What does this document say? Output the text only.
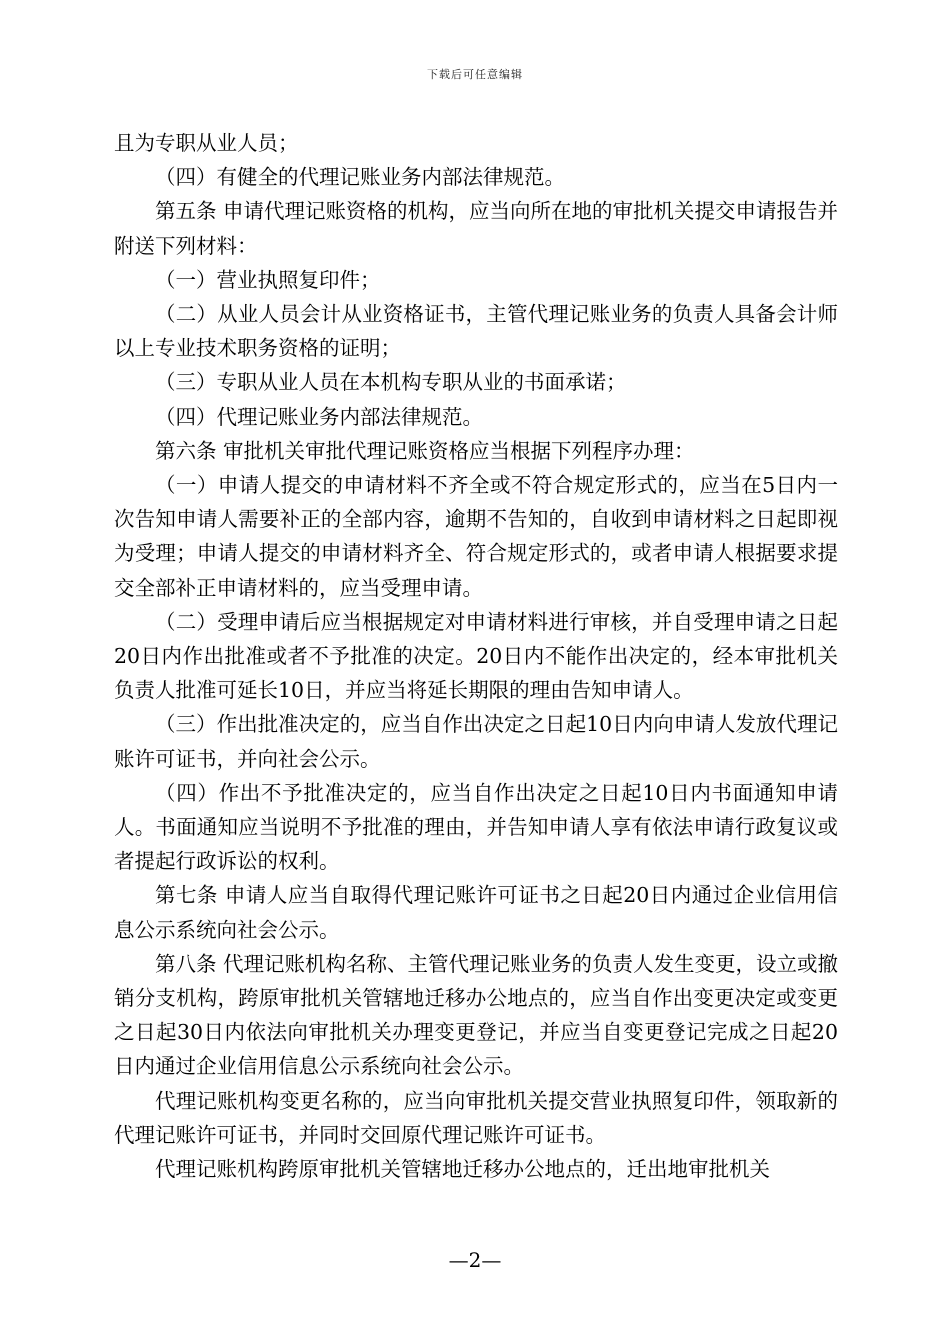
下载后可任意编辑

且为专职从业人员；

（四）有健全的代理记账业务内部法律规范。

第五条 申请代理记账资格的机构，应当向所在地的审批机关提交申请报告并附送下列材料：

（一）营业执照复印件；

（二）从业人员会计从业资格证书，主管代理记账业务的负责人具备会计师以上专业技术职务资格的证明；

（三）专职从业人员在本机构专职从业的书面承诺；

（四）代理记账业务内部法律规范。

第六条 审批机关审批代理记账资格应当根据下列程序办理：

（一）申请人提交的申请材料不齐全或不符合规定形式的，应当在5日内一次告知申请人需要补正的全部内容，逾期不告知的，自收到申请材料之日起即视为受理；申请人提交的申请材料齐全、符合规定形式的，或者申请人根据要求提交全部补正申请材料的，应当受理申请。

（二）受理申请后应当根据规定对申请材料进行审核，并自受理申请之日起20日内作出批准或者不予批准的决定。20日内不能作出决定的，经本审批机关负责人批准可延长10日，并应当将延长期限的理由告知申请人。

（三）作出批准决定的，应当自作出决定之日起10日内向申请人发放代理记账许可证书，并向社会公示。

（四）作出不予批准决定的，应当自作出决定之日起10日内书面通知申请人。书面通知应当说明不予批准的理由，并告知申请人享有依法申请行政复议或者提起行政诉讼的权利。

第七条 申请人应当自取得代理记账许可证书之日起20日内通过企业信用信息公示系统向社会公示。

第八条 代理记账机构名称、主管代理记账业务的负责人发生变更，设立或撤销分支机构，跨原审批机关管辖地迁移办公地点的，应当自作出变更决定或变更之日起30日内依法向审批机关办理变更登记，并应当自变更登记完成之日起20日内通过企业信用信息公示系统向社会公示。

代理记账机构变更名称的，应当向审批机关提交营业执照复印件，领取新的代理记账许可证书，并同时交回原代理记账许可证书。

代理记账机构跨原审批机关管辖地迁移办公地点的，迁出地审批机关

—2—
